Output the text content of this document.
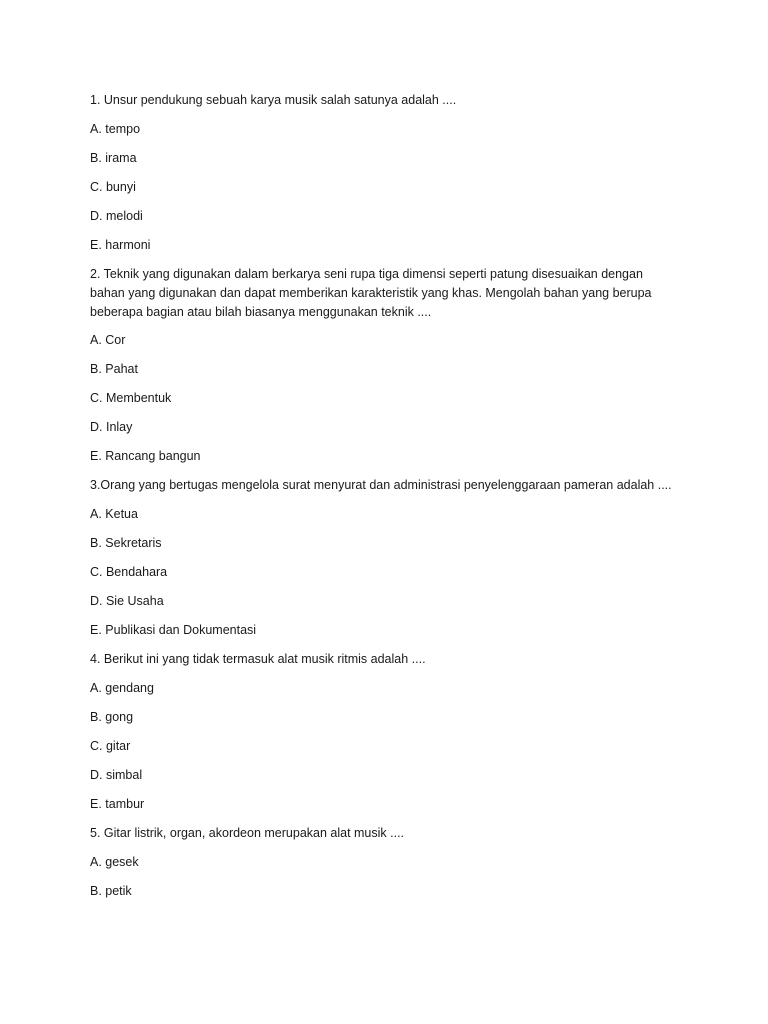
1. Unsur pendukung sebuah karya musik salah satunya adalah ....
A. tempo
B. irama
C. bunyi
D. melodi
E. harmoni
2. Teknik yang digunakan dalam berkarya seni rupa tiga dimensi seperti patung disesuaikan dengan
bahan yang digunakan dan dapat memberikan karakteristik yang khas. Mengolah bahan yang berupa
beberapa bagian atau bilah biasanya menggunakan teknik ....
A. Cor
B. Pahat
C. Membentuk
D. Inlay
E. Rancang bangun
3.Orang yang bertugas mengelola surat menyurat dan administrasi penyelenggaraan pameran adalah ....
A. Ketua
B. Sekretaris
C. Bendahara
D. Sie Usaha
E. Publikasi dan Dokumentasi
4. Berikut ini yang tidak termasuk alat musik ritmis adalah ....
A. gendang
B. gong
C. gitar
D. simbal
E. tambur
5. Gitar listrik, organ, akordeon merupakan alat musik ....
A. gesek
B. petik
